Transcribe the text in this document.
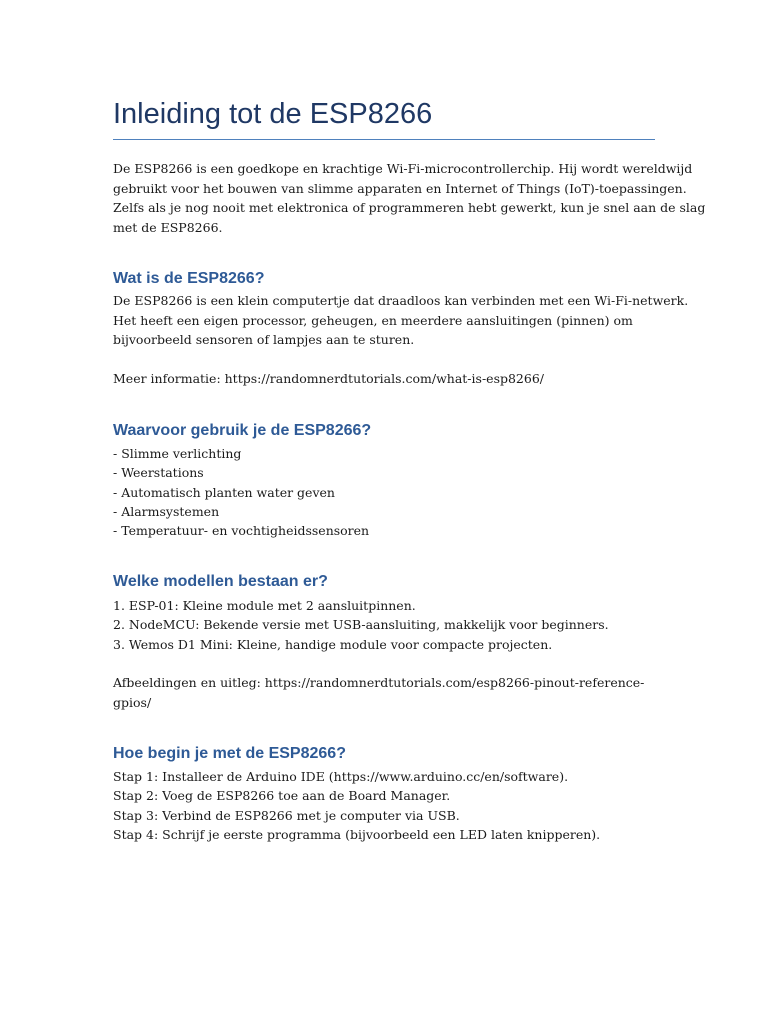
Inleiding tot de ESP8266

De ESP8266 is een goedkope en krachtige Wi-Fi-microcontrollerchip. Hij wordt wereldwijd
gebruikt voor het bouwen van slimme apparaten en Internet of Things (IoT)-toepassingen.
Zelfs als je nog nooit met elektronica of programmeren hebt gewerkt, kun je snel aan de slag
met de ESP8266.

Wat is de ESP8266?

De ESP8266 is een klein computertje dat draadloos kan verbinden met een Wi-Fi-netwerk.
Het heeft een eigen processor, geheugen, en meerdere aansluitingen (pinnen) om
bijvoorbeeld sensoren of lampjes aan te sturen.

Meer informatie: https://randomnerdtutorials.com/what-is-esp8266/

Waarvoor gebruik je de ESP8266?
- Slimme verlichting
- Weerstations
- Automatisch planten water geven
- Alarmsystemen
- Temperatuur- en vochtigheidssensoren
Welke modellen bestaan er?
1. ESP-01: Kleine module met 2 aansluitpinnen.
2. NodeMCU: Bekende versie met USB-aansluiting, makkelijk voor beginners.
3. Wemos D1 Mini: Kleine, handige module voor compacte projecten.

Afbeeldingen en uitleg: https://randomnerdtutorials.com/esp8266-pinout-reference-
gpios/

Hoe begin je met de ESP8266?
Stap 1: Installeer de Arduino IDE (https://www.arduino.cc/en/software).
Stap 2: Voeg de ESP8266 toe aan de Board Manager.
Stap 3: Verbind de ESP8266 met je computer via USB.
Stap 4: Schrijf je eerste programma (bijvoorbeeld een LED laten knipperen).
